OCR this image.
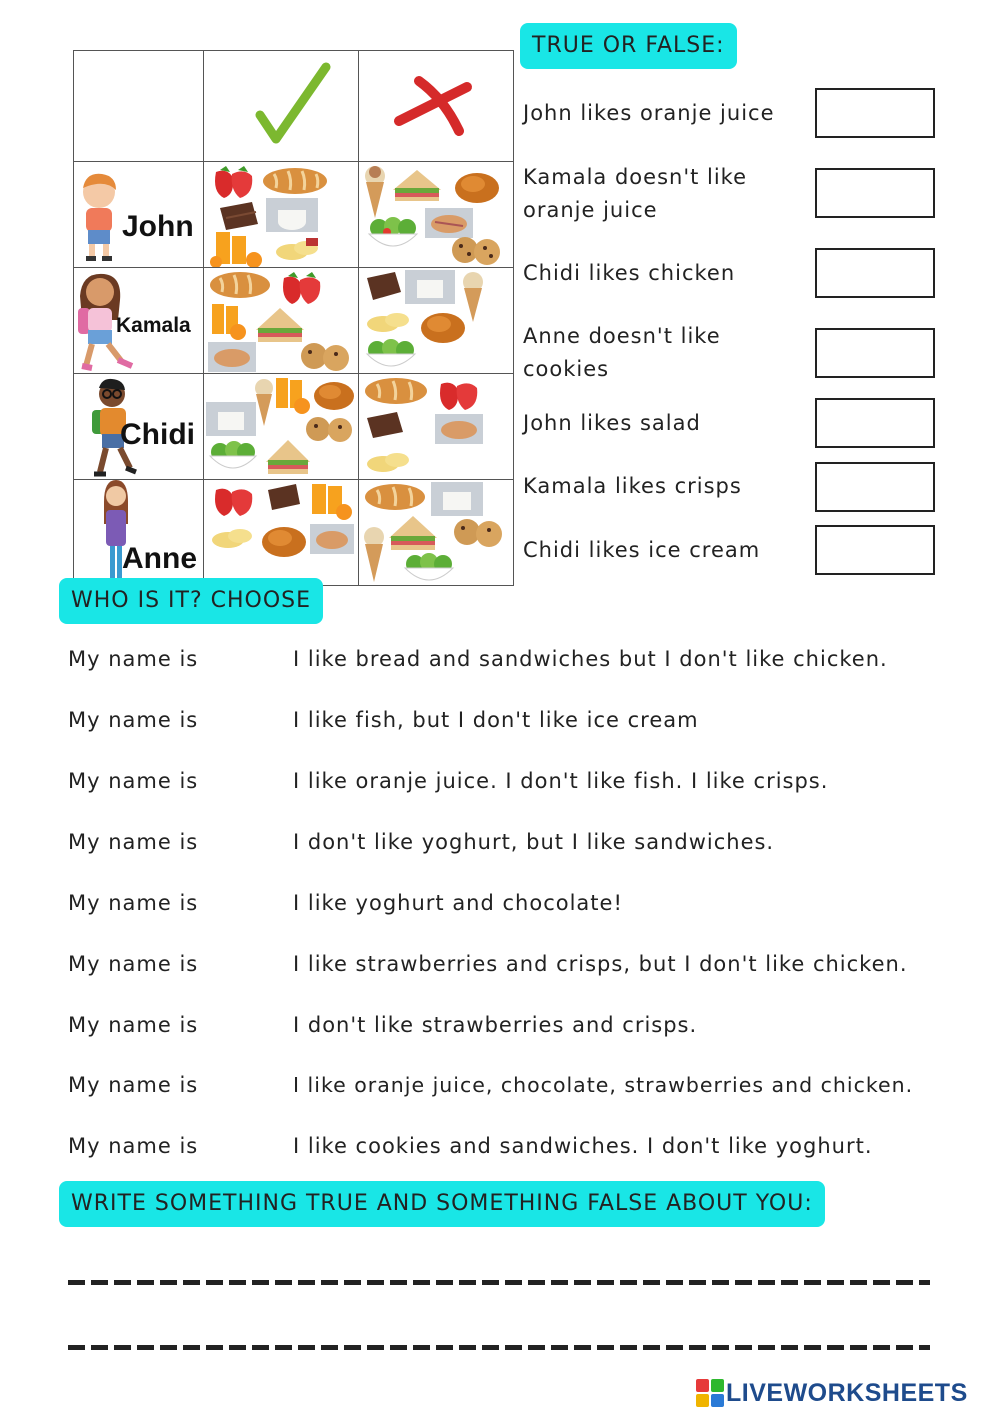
John

Kamala

Chidi

Anne

TRUE OR FALSE:
John likes oranje juice
Kamala doesn't like oranje juice
Chidi likes chicken
Anne doesn't like cookies
John likes salad
Kamala likes crisps
Chidi likes ice cream
WHO IS IT? CHOOSE
My name is	I like bread and sandwiches but I don't like chicken.
My name is	I like fish, but I don't like ice cream
My name is	I like oranje juice. I don't like fish. I like crisps.
My name is	I don't like yoghurt, but I like sandwiches.
My name is	I like yoghurt and chocolate!
My name is	I like strawberries and crisps, but I don't like chicken.
My name is	I don't like strawberries and crisps.
My name is	I like oranje juice, chocolate, strawberries and chicken.
My name is	I like cookies and sandwiches. I don't like yoghurt.
WRITE SOMETHING TRUE AND SOMETHING FALSE ABOUT YOU:
LIVEWORKSHEETS
